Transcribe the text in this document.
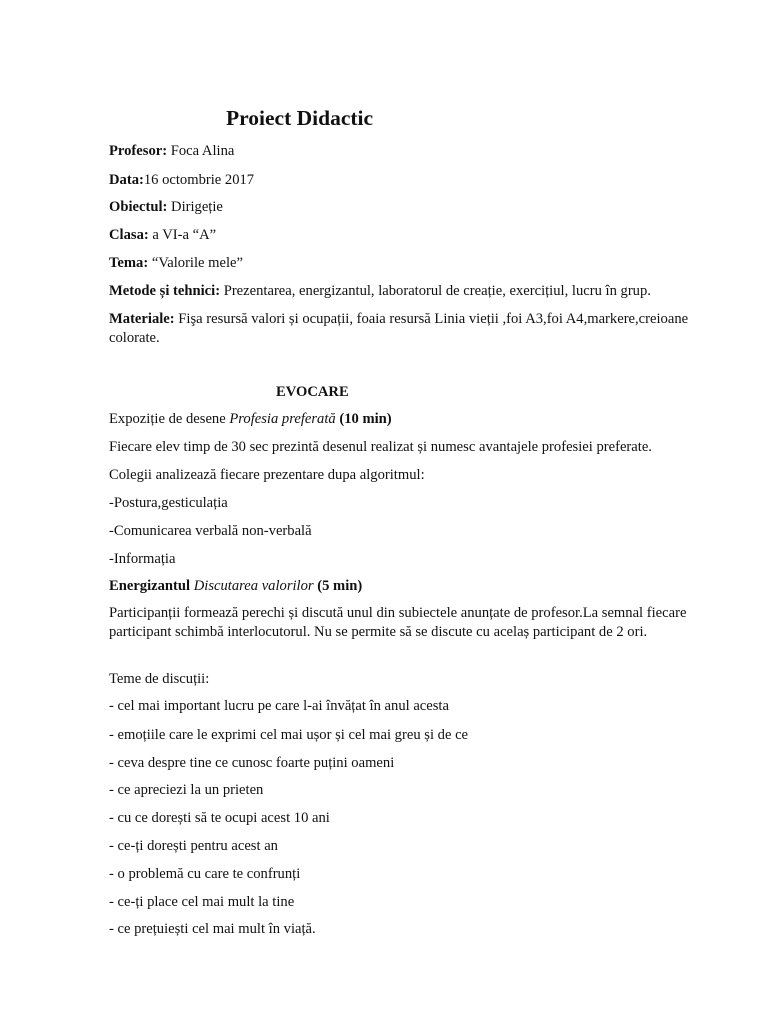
Proiect Didactic
Profesor: Foca Alina
Data:16 octombrie 2017
Obiectul: Dirigeție
Clasa: a VI-a “A”
Tema: “Valorile mele”
Metode și tehnici: Prezentarea, energizantul, laboratorul de creație, exercițiul, lucru în grup.
Materiale: Fişa resursă valori și ocupații, foaia resursă Linia vieții ,foi A3,foi A4,markere,creioane colorate.
EVOCARE
Expoziție de desene Profesia preferată (10 min)
Fiecare elev timp de 30 sec prezintă desenul realizat și numesc avantajele profesiei preferate.
Colegii analizează fiecare prezentare dupa algoritmul:
-Postura,gesticulația
-Comunicarea verbală non-verbală
-Informația
Energizantul Discutarea valorilor (5 min)
Participanții formează perechi și discută unul din subiectele anunțate de profesor.La semnal fiecare participant schimbă interlocutorul. Nu se permite să se discute cu acelaș participant de 2 ori.
Teme de discuții:
- cel mai important lucru pe care l-ai învățat în anul acesta
- emoțiile care le exprimi cel mai ușor și cel mai greu și de ce
- ceva despre tine ce cunosc foarte puțini oameni
- ce apreciezi la un prieten
- cu ce dorești să te ocupi acest 10 ani
- ce-ți dorești pentru acest an
- o problemă cu care te confrunți
- ce-ți place cel mai mult la tine
- ce prețuiești cel mai mult în viață.
